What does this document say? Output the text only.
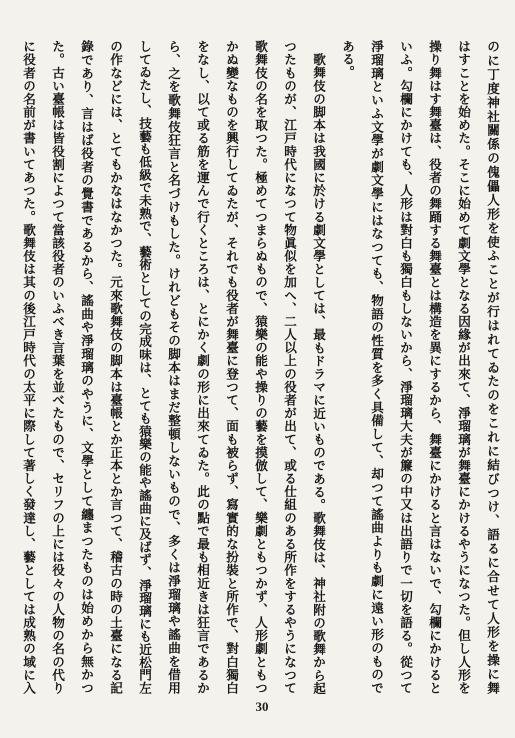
のに丁度神社關係の傀儡人形を使ふことが行はれてゐたのをこれに結びつけ、語るに合せて人形を操に舞
はすことを始めた。そこに始めて劇文學となる因緣が出來て、淨瑠璃が舞臺にかけるやうになつた。但し人形を
操り舞はす舞臺は、役者の舞踊する舞臺とは構造を異にするから、舞臺にかけると言はないで、勾欄にかけると
いふ。勾欄にかけても、人形は對白も獨白もしないから、淨瑠璃大夫が簾の中又は出語りで一切を語る。從つて
淨瑠璃といふ文學が劇文學にはなつても、物語の性質を多く具備して、却つて謠曲よりも劇に遠い形のもので
ある。
歌舞伎の脚本は我國に於ける劇文學としては、最もドラマに近いものである。歌舞伎は、神社附の歌舞から起
つたものが、江戸時代になつて物眞似を加へ、二人以上の役者が出て、或る仕組のある所作をするやうになつて
歌舞伎の名を取つた。極めてつまらぬもので、猿樂の能や操りの藝を摸倣して、樂劇ともつかず、人形劇ともつ
かぬ變なものを興行してゐたが、それでも役者が舞臺に登つて、面も被らず、寫實的な扮裝と所作で、對白獨白
をなし、以て或る筋を運んで行くところは、とにかく劇の形に出來てゐた。此の點で最も相近きは狂言であるか
ら、之を歌舞伎狂言と名づけもした。けれどもその脚本はまだ整頓しないもので、多くは淨瑠璃や謠曲を借用
してゐたし、技藝も低級で未熟で、藝術としての完成味は、とても猿樂の能や謠曲に及ばず、淨瑠璃にも近松門左
の作などには、とてもかなはなかつた。元來歌舞伎の脚本は臺帳とか正本とか言つて、稽古の時の土臺になる記
錄であり、言はば役者の覺書であるから、謠曲や淨瑠璃のやうに、文學として纏まつたものは始めから無かつ
た。古い臺帳は皆役割によつて當該役者のいふべき言葉を並べたもので、セリフの上には役々の人物の名の代り
に役者の名前が書いてあつた。歌舞伎は其の後江戸時代の太平に際して著しく發達し、藝としては成熟の域に入
30
